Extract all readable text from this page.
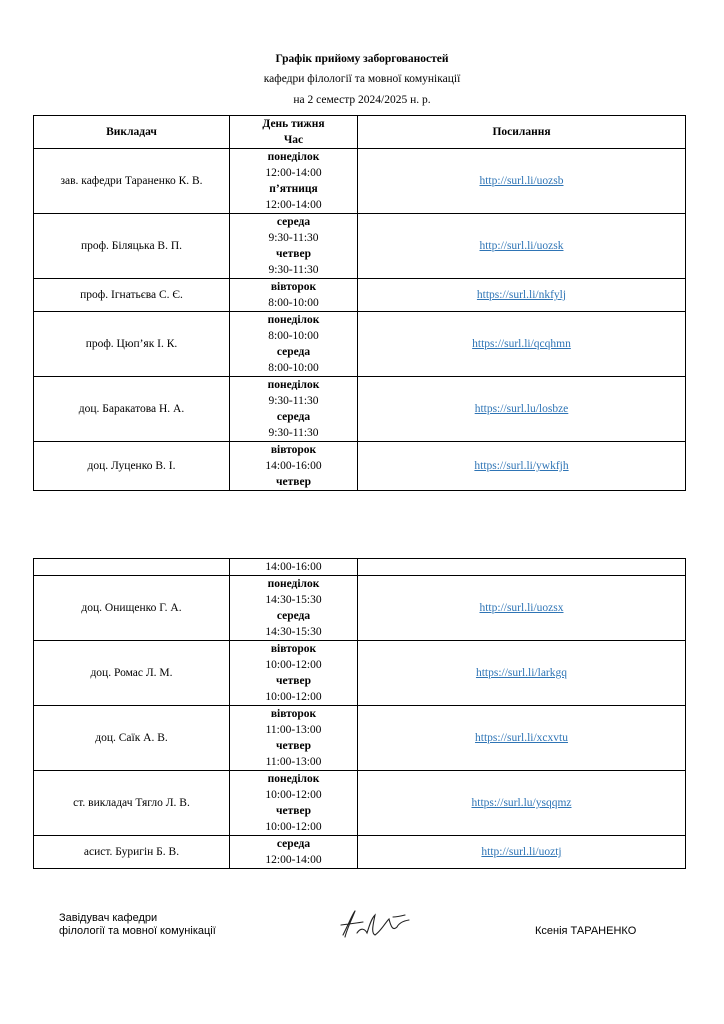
Графік прийому заборгованостей
кафедри філології та мовної комунікації
на 2 семестр 2024/2025 н. р.
Викладач	День тижня
Час	Посилання
зав. кафедри Тараненко К. В.	понеділок
12:00-14:00
п’ятниця
12:00-14:00	http://surl.li/uozsb
проф. Біляцька В. П.	середа
9:30-11:30
четвер
9:30-11:30	http://surl.li/uozsk
проф. Ігнатьєва С. Є.	вівторок
8:00-10:00	https://surl.li/nkfylj
проф. Цюп’як І. К.	понеділок
8:00-10:00
середа
8:00-10:00	https://surl.li/qcqhmn
доц. Баракатова Н. А.	понеділок
9:30-11:30
середа
9:30-11:30	https://surl.lu/losbze
доц. Луценко В. І.	вівторок
14:00-16:00
четвер	https://surl.li/ywkfjh

	14:00-16:00	

доц. Онищенко Г. А.	понеділок
14:30-15:30
середа
14:30-15:30	http://surl.li/uozsx
доц. Ромас Л. М.	вівторок
10:00-12:00
четвер
10:00-12:00	https://surl.li/larkgq
доц. Саїк А. В.	вівторок
11:00-13:00
четвер
11:00-13:00	https://surl.li/xcxvtu
ст. викладач Тягло Л. В.	понеділок
10:00-12:00
четвер
10:00-12:00	https://surl.lu/ysqqmz
асист. Буригін Б. В.	середа
12:00-14:00	http://surl.li/uoztj
Завідувач кафедри
філології та мовної комунікації	Ксенія ТАРАНЕНКО
